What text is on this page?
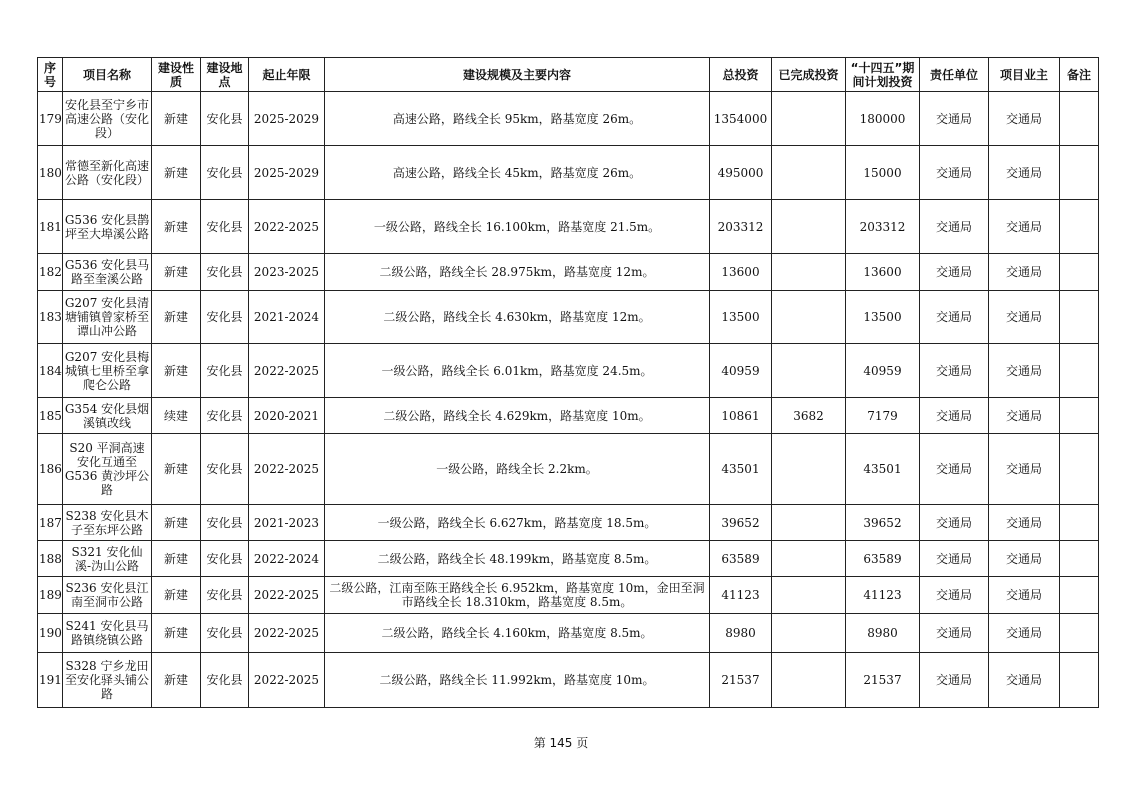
序号	项目名称	建设性质	建设地点	起止年限	建设规模及主要内容	总投资	已完成投资	“十四五”期间计划投资	责任单位	项目业主	备注
179	安化县至宁乡市高速公路（安化段）	新建	安化县	2025-2029	高速公路，路线全长 95km，路基宽度 26m。	1354000		180000	交通局	交通局	
180	常德至新化高速公路（安化段）	新建	安化县	2025-2029	高速公路，路线全长 45km，路基宽度 26m。	495000		15000	交通局	交通局	
181	G536 安化县鹊坪至大埠溪公路	新建	安化县	2022-2025	一级公路，路线全长 16.100km，路基宽度 21.5m。	203312		203312	交通局	交通局	
182	G536 安化县马路至奎溪公路	新建	安化县	2023-2025	二级公路，路线全长 28.975km，路基宽度 12m。	13600		13600	交通局	交通局	
183	G207 安化县清塘铺镇曾家桥至谭山冲公路	新建	安化县	2021-2024	二级公路，路线全长 4.630km，路基宽度 12m。	13500		13500	交通局	交通局	
184	G207 安化县梅城镇七里桥至拿爬仑公路	新建	安化县	2022-2025	一级公路，路线全长 6.01km，路基宽度 24.5m。	40959		40959	交通局	交通局	
185	G354 安化县烟溪镇改线	续建	安化县	2020-2021	二级公路，路线全长 4.629km，路基宽度 10m。	10861	3682	7179	交通局	交通局	
186	S20 平洞高速安化互通至G536 黄沙坪公路	新建	安化县	2022-2025	一级公路，路线全长 2.2km。	43501		43501	交通局	交通局	
187	S238 安化县木子至东坪公路	新建	安化县	2021-2023	一级公路，路线全长 6.627km，路基宽度 18.5m。	39652		39652	交通局	交通局	
188	S321 安化仙溪-沩山公路	新建	安化县	2022-2024	二级公路，路线全长 48.199km，路基宽度 8.5m。	63589		63589	交通局	交通局	
189	S236 安化县江南至洞市公路	新建	安化县	2022-2025	二级公路，江南至陈王路线全长 6.952km，路基宽度 10m，金田至洞市路线全长 18.310km，路基宽度 8.5m。	41123		41123	交通局	交通局	
190	S241 安化县马路镇绕镇公路	新建	安化县	2022-2025	二级公路，路线全长 4.160km，路基宽度 8.5m。	8980		8980	交通局	交通局	
191	S328 宁乡龙田至安化驿头铺公路	新建	安化县	2022-2025	二级公路，路线全长 11.992km，路基宽度 10m。	21537		21537	交通局	交通局	
第 145 页
